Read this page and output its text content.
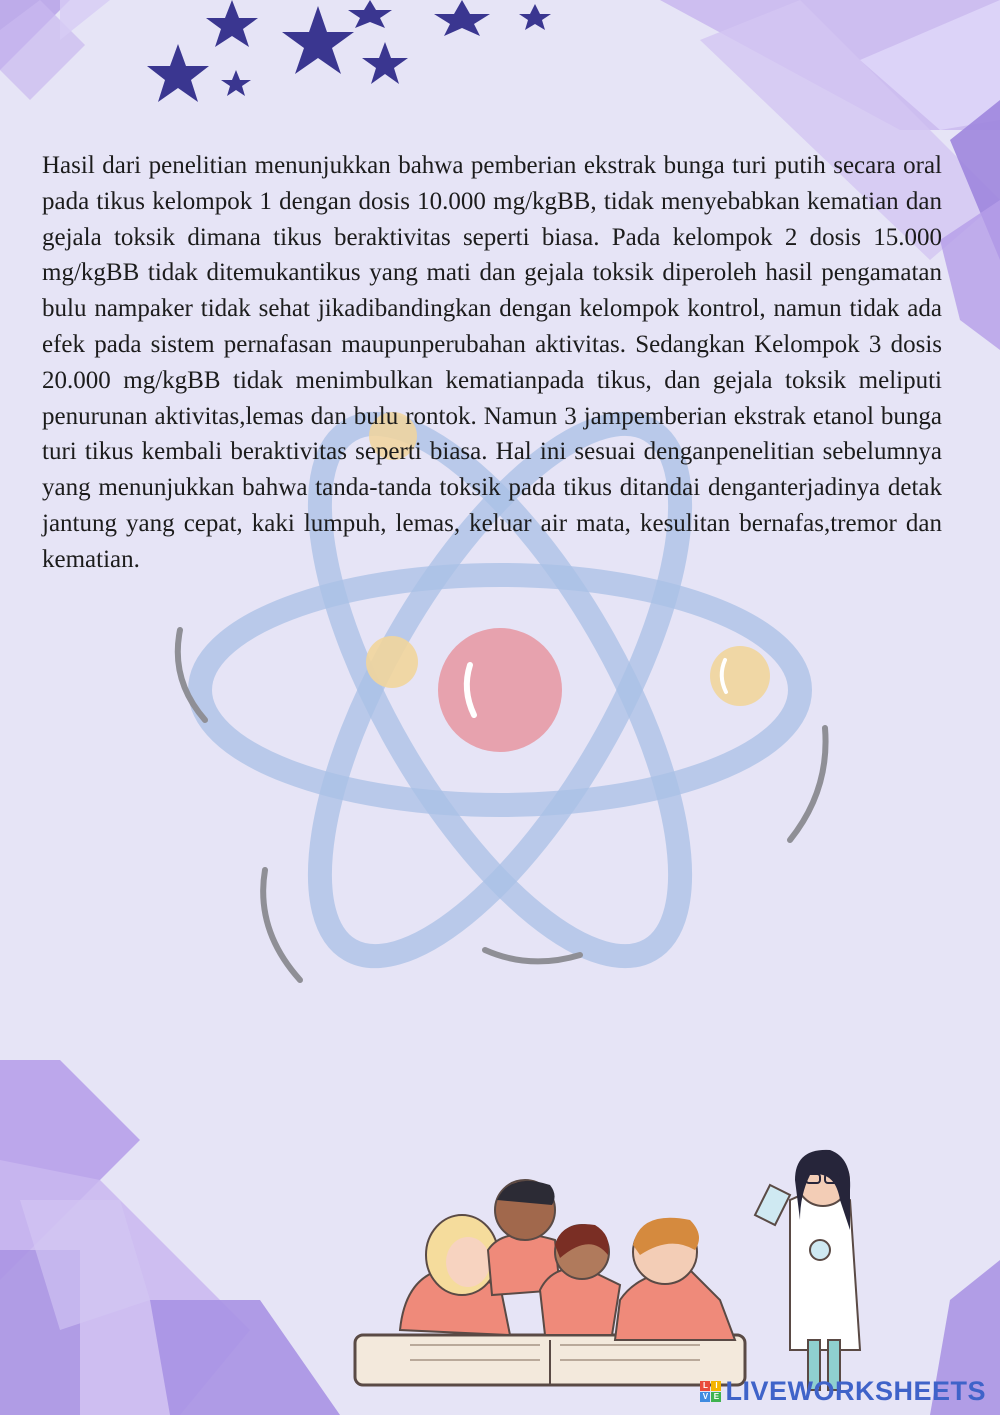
Hasil dari penelitian menunjukkan bahwa pemberian ekstrak bunga turi putih secara oral pada tikus kelompok 1 dengan dosis 10.000 mg/kgBB, tidak menyebabkan kematian dan gejala toksik dimana tikus beraktivitas seperti biasa. Pada kelompok 2 dosis 15.000 mg/kgBB tidak ditemukantikus yang mati dan gejala toksik diperoleh hasil pengamatan bulu nampaker tidak sehat jikadibandingkan dengan kelompok kontrol, namun tidak ada efek pada sistem pernafasan maupunperubahan aktivitas. Sedangkan Kelompok 3 dosis 20.000 mg/kgBB tidak menimbulkan kematianpada tikus, dan gejala toksik meliputi penurunan aktivitas,lemas dan bulu rontok. Namun 3 jampemberian ekstrak etanol bunga turi tikus kembali beraktivitas seperti biasa. Hal ini sesuai denganpenelitian sebelumnya yang menunjukkan bahwa tanda-tanda toksik pada tikus ditandai denganterjadinya detak jantung yang cepat, kaki lumpuh, lemas, keluar air mata, kesulitan bernafas,tremor dan kematian.

L I
V E LIVEWORKSHEETS
